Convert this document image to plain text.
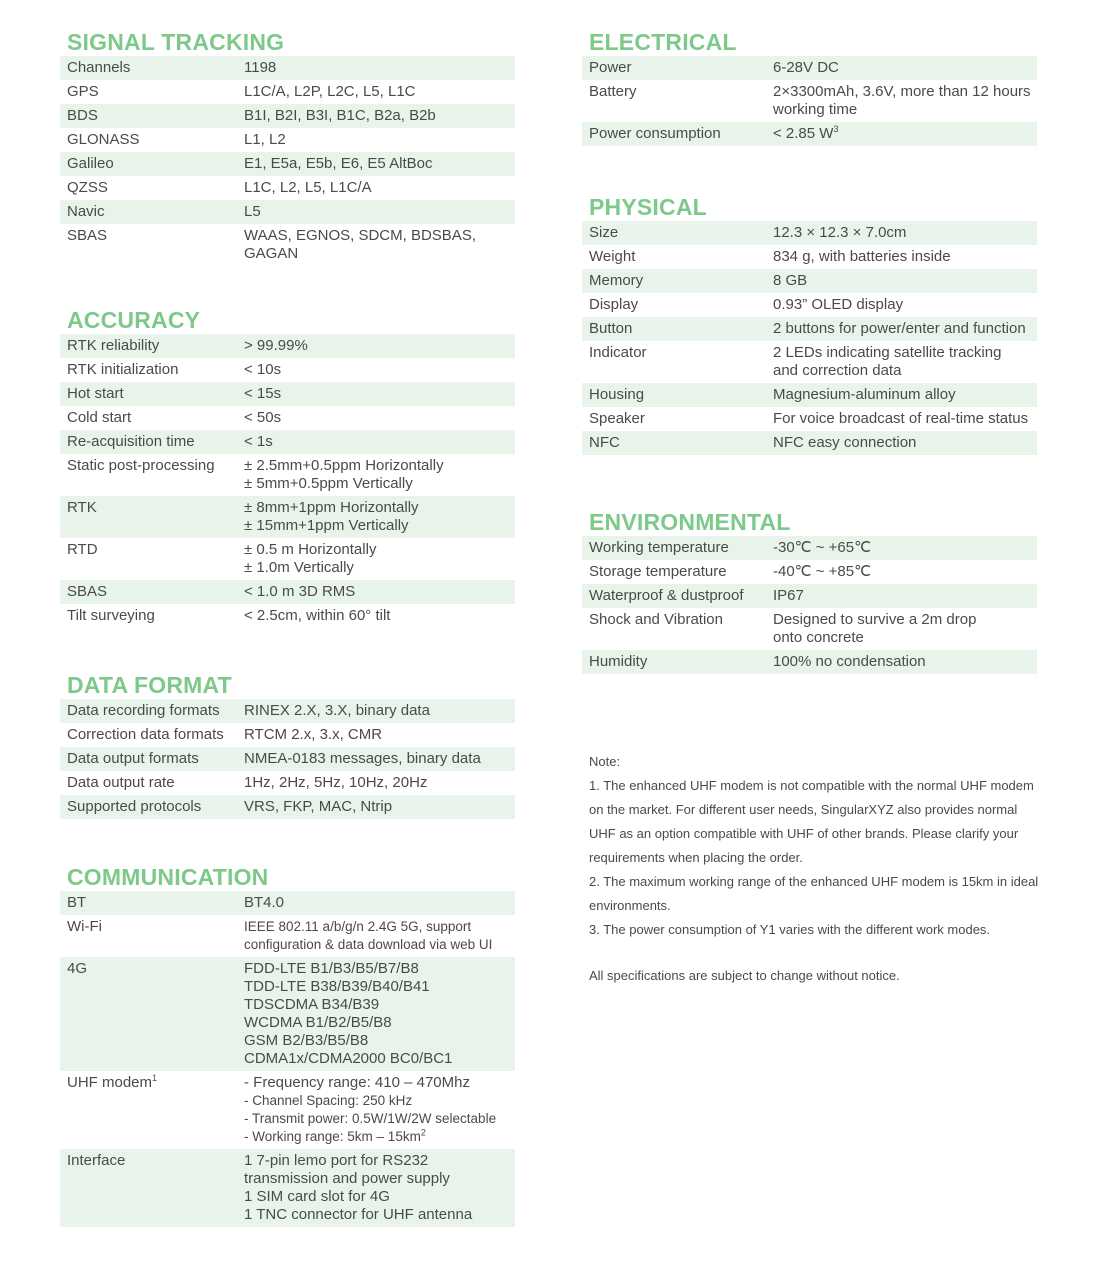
SIGNAL TRACKING
Channels	1198
GPS	L1C/A, L2P, L2C, L5, L1C
BDS	B1I, B2I, B3I, B1C, B2a, B2b
GLONASS	L1, L2
Galileo	E1, E5a, E5b, E6, E5 AltBoc
QZSS	L1C, L2, L5, L1C/A
Navic	L5
SBAS	WAAS, EGNOS, SDCM, BDSBAS,
GAGAN
ACCURACY
RTK reliability	> 99.99%
RTK initialization	< 10s
Hot start	< 15s
Cold start	< 50s
Re-acquisition time	< 1s
Static post-processing	± 2.5mm+0.5ppm Horizontally
± 5mm+0.5ppm Vertically
RTK	± 8mm+1ppm Horizontally
± 15mm+1ppm Vertically
RTD	± 0.5 m Horizontally
± 1.0m Vertically
SBAS	< 1.0 m 3D RMS
Tilt surveying	< 2.5cm, within 60° tilt
DATA FORMAT
Data recording formats	RINEX 2.X, 3.X, binary data
Correction data formats	RTCM 2.x, 3.x, CMR
Data output formats	NMEA-0183 messages, binary data
Data output rate	1Hz, 2Hz, 5Hz, 10Hz, 20Hz
Supported protocols	VRS, FKP, MAC, Ntrip
COMMUNICATION
BT	BT4.0
Wi-Fi	IEEE 802.11 a/b/g/n 2.4G 5G, support
configuration & data download via web UI
4G	FDD-LTE B1/B3/B5/B7/B8
TDD-LTE B38/B39/B40/B41
TDSCDMA B34/B39
WCDMA B1/B2/B5/B8
GSM B2/B3/B5/B8
CDMA1x/CDMA2000 BC0/BC1
UHF modem$^1$	- Frequency range: 410 – 470Mhz
- Channel Spacing: 250 kHz
- Transmit power: 0.5W/1W/2W selectable
- Working range: $5km - 15km^2$
Interface	1 7-pin lemo port for RS232
transmission and power supply
1 SIM card slot for 4G
1 TNC connector for UHF antenna
ELECTRICAL
Power	6-28V DC
Battery	2×3300mAh, 3.6V, more than 12 hours
working time
Power consumption	< 2.85 $W^3$
PHYSICAL
Size	12.3 × 12.3 × 7.0cm
Weight	834 g, with batteries inside
Memory	8 GB
Display	0.93” OLED display
Button	2 buttons for power/enter and function
Indicator	2 LEDs indicating satellite tracking
and correction data
Housing	Magnesium-aluminum alloy
Speaker	For voice broadcast of real-time status
NFC	NFC easy connection
ENVIRONMENTAL
Working temperature	-30℃ ~ +65℃
Storage temperature	-40℃ ~ +85℃
Waterproof & dustproof	IP67
Shock and Vibration	Designed to survive a 2m drop
onto concrete
Humidity	100% no condensation

Note:

1. The enhanced UHF modem is not compatible with the normal UHF modem on the market. For different user needs, SingularXYZ also provides normal UHF as an option compatible with UHF of other brands. Please clarify your requirements when placing the order.

2. The maximum working range of the enhanced UHF modem is 15km in ideal environments.

3. The power consumption of Y1 varies with the different work modes.

All specifications are subject to change without notice.
